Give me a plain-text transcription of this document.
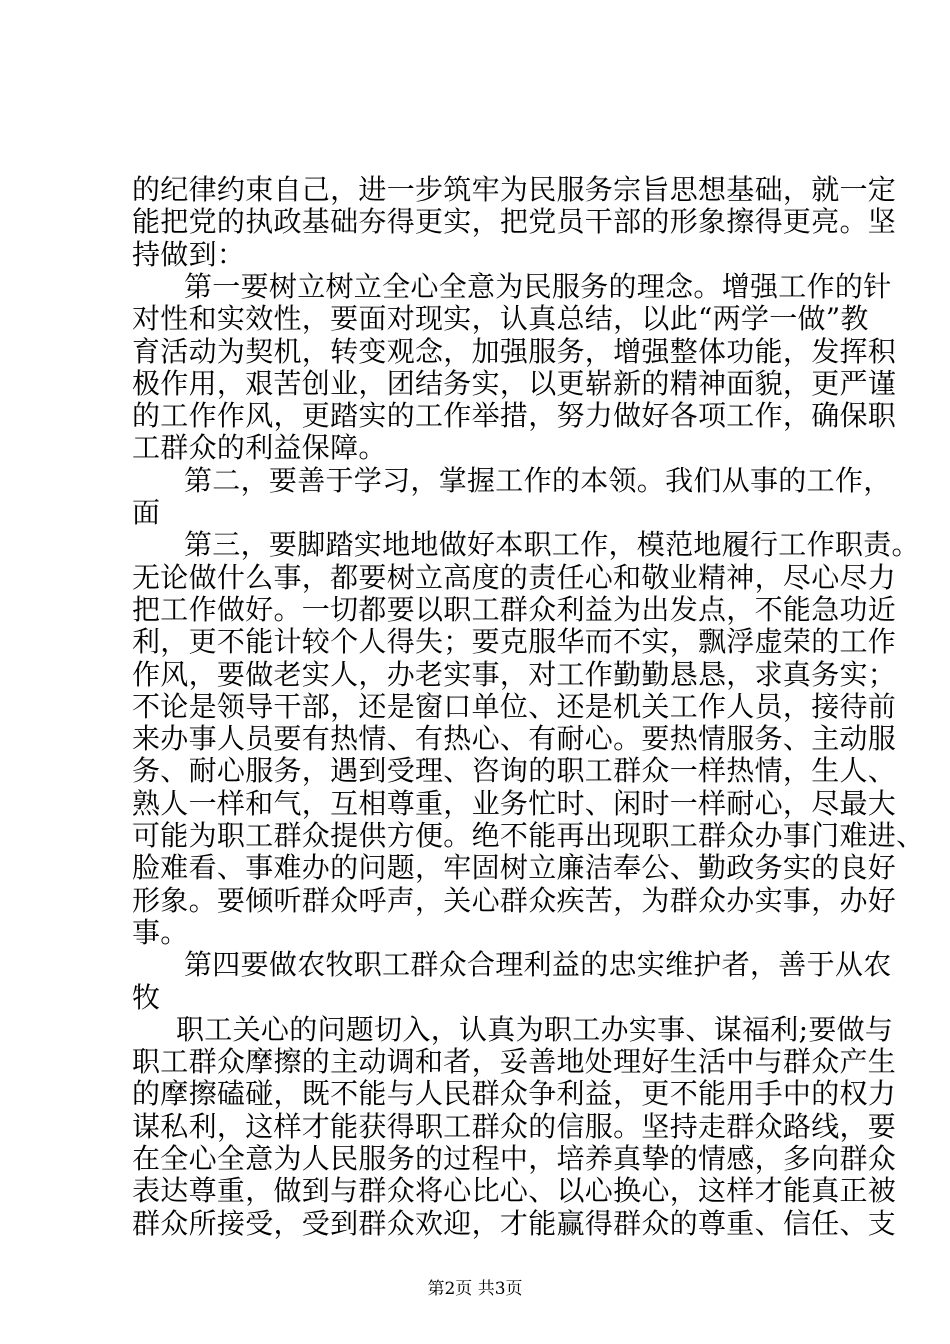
的纪律约束自己，进一步筑牢为民服务宗旨思想基础，就一定
能把党的执政基础夯得更实，把党员干部的形象擦得更亮。坚
持做到：
第一要树立树立全心全意为民服务的理念。增强工作的针
对性和实效性，要面对现实，认真总结，以此“两学一做”教
育活动为契机，转变观念，加强服务，增强整体功能，发挥积
极作用，艰苦创业，团结务实，以更崭新的精神面貌，更严谨
的工作作风，更踏实的工作举措，努力做好各项工作，确保职
工群众的利益保障。
第二，要善于学习，掌握工作的本领。我们从事的工作，
面
第三，要脚踏实地地做好本职工作，模范地履行工作职责。
无论做什么事，都要树立高度的责任心和敬业精神，尽心尽力
把工作做好。一切都要以职工群众利益为出发点，不能急功近
利，更不能计较个人得失；要克服华而不实，飘浮虚荣的工作
作风，要做老实人，办老实事，对工作勤勤恳恳，求真务实；
不论是领导干部，还是窗口单位、还是机关工作人员，接待前
来办事人员要有热情、有热心、有耐心。要热情服务、主动服
务、耐心服务，遇到受理、咨询的职工群众一样热情，生人、
熟人一样和气，互相尊重，业务忙时、闲时一样耐心，尽最大
可能为职工群众提供方便。绝不能再出现职工群众办事门难进、
脸难看、事难办的问题，牢固树立廉洁奉公、勤政务实的良好
形象。要倾听群众呼声，关心群众疾苦，为群众办实事，办好
事。
第四要做农牧职工群众合理利益的忠实维护者，善于从农
牧
职工关心的问题切入，认真为职工办实事、谋福利;要做与
职工群众摩擦的主动调和者，妥善地处理好生活中与群众产生
的摩擦磕碰，既不能与人民群众争利益，更不能用手中的权力
谋私利，这样才能获得职工群众的信服。坚持走群众路线，要
在全心全意为人民服务的过程中，培养真挚的情感，多向群众
表达尊重，做到与群众将心比心、以心换心，这样才能真正被
群众所接受，受到群众欢迎，才能赢得群众的尊重、信任、支
第2页 共3页
